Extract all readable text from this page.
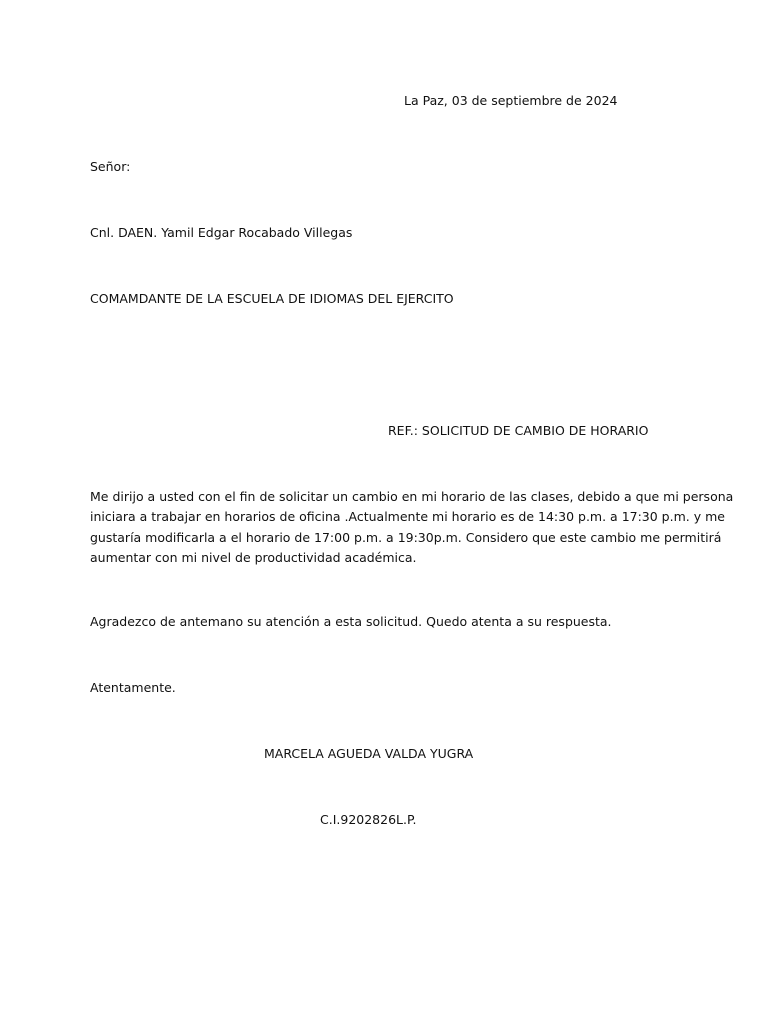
La Paz, 03 de septiembre de 2024
Señor:
Cnl. DAEN. Yamil Edgar Rocabado Villegas
COMAMDANTE DE LA ESCUELA DE IDIOMAS DEL EJERCITO
REF.: SOLICITUD DE CAMBIO DE HORARIO
Me dirijo a usted con el fin de solicitar un cambio en mi horario de las clases, debido a que mi persona
iniciara a trabajar en horarios de oficina .Actualmente mi horario es de 14:30 p.m. a 17:30 p.m. y me
gustaría modificarla a el horario de 17:00 p.m. a 19:30p.m. Considero que este cambio me permitirá
aumentar con mi nivel de productividad académica.
Agradezco de antemano su atención a esta solicitud. Quedo atenta a su respuesta.
Atentamente.
MARCELA AGUEDA VALDA YUGRA
C.I.9202826L.P.
